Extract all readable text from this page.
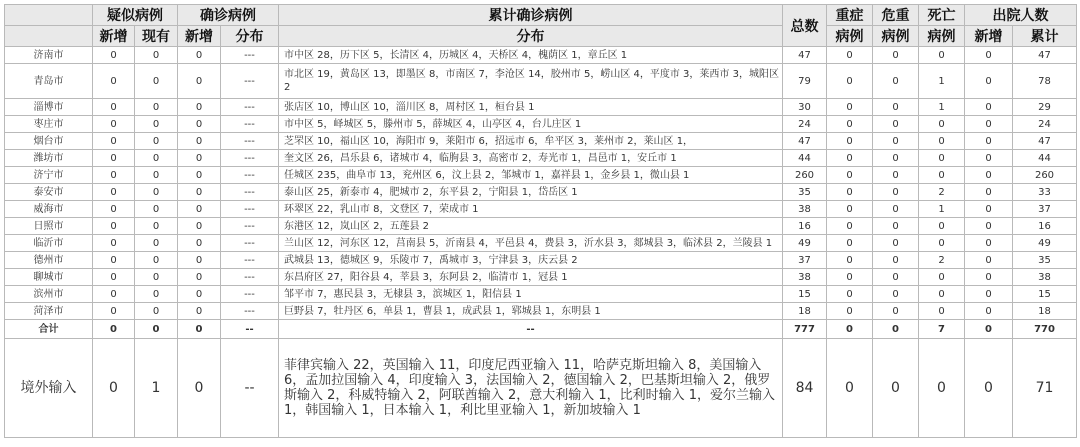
	疑似病例		确诊病例		累计确诊病例	总数	重症	危重	死亡	出院人数	
	新增	现有	新增	分布	分布		病例	病例	病例	新增	累计
济南市	0	0	0	---	市中区 28，历下区 5，长清区 4，历城区 4，天桥区 4，槐荫区 1，章丘区 1	47	0	0	0	0	47
青岛市	0	0	0	---	市北区 19，黄岛区 13，即墨区 8，市南区 7，李沧区 14，胶州市 5，崂山区 4，平度市 3，莱西市 3，城阳区 2	79	0	0	1	0	78
淄博市	0	0	0	---	张店区 10，博山区 10，淄川区 8，周村区 1，桓台县 1	30	0	0	1	0	29
枣庄市	0	0	0	---	市中区 5，峄城区 5，滕州市 5，薛城区 4，山亭区 4，台儿庄区 1	24	0	0	0	0	24
烟台市	0	0	0	---	芝罘区 10，福山区 10，海阳市 9，莱阳市 6，招远市 6，牟平区 3，莱州市 2，莱山区 1，	47	0	0	0	0	47
潍坊市	0	0	0	---	奎文区 26，昌乐县 6，诸城市 4，临朐县 3，高密市 2，寿光市 1，昌邑市 1，安丘市 1	44	0	0	0	0	44
济宁市	0	0	0	---	任城区 235，曲阜市 13，兖州区 6，汶上县 2，邹城市 1，嘉祥县 1，金乡县 1，微山县 1	260	0	0	0	0	260
泰安市	0	0	0	---	泰山区 25，新泰市 4，肥城市 2，东平县 2，宁阳县 1，岱岳区 1	35	0	0	2	0	33
威海市	0	0	0	---	环翠区 22，乳山市 8，文登区 7，荣成市 1	38	0	0	1	0	37
日照市	0	0	0	---	东港区 12，岚山区 2，五莲县 2	16	0	0	0	0	16
临沂市	0	0	0	---	兰山区 12，河东区 12，莒南县 5，沂南县 4，平邑县 4，费县 3，沂水县 3，郯城县 3，临沭县 2，兰陵县 1	49	0	0	0	0	49
德州市	0	0	0	---	武城县 13，德城区 9，乐陵市 7，禹城市 3，宁津县 3，庆云县 2	37	0	0	2	0	35
聊城市	0	0	0	---	东昌府区 27，阳谷县 4，莘县 3，东阿县 2，临清市 1，冠县 1	38	0	0	0	0	38
滨州市	0	0	0	---	邹平市 7，惠民县 3，无棣县 3，滨城区 1，阳信县 1	15	0	0	0	0	15
菏泽市	0	0	0	---	巨野县 7，牡丹区 6，单县 1，曹县 1，成武县 1，郓城县 1，东明县 1	18	0	0	0	0	18
合计	0	0	0	--	--	777	0	0	7	0	770
境外输入	0	1	0	--	菲律宾输入 22，英国输入 11，印度尼西亚输入 11，哈萨克斯坦输入 8，美国输入 6，孟加拉国输入 4，印度输入 3，法国输入 2，德国输入 2，巴基斯坦输入 2，俄罗斯输入 2，科威特输入 2，阿联酋输入 2，意大利输入 1，比利时输入 1，爱尔兰输入 1，韩国输入 1，日本输入 1，利比里亚输入 1，新加坡输入 1	84	0	0	0	0	71
